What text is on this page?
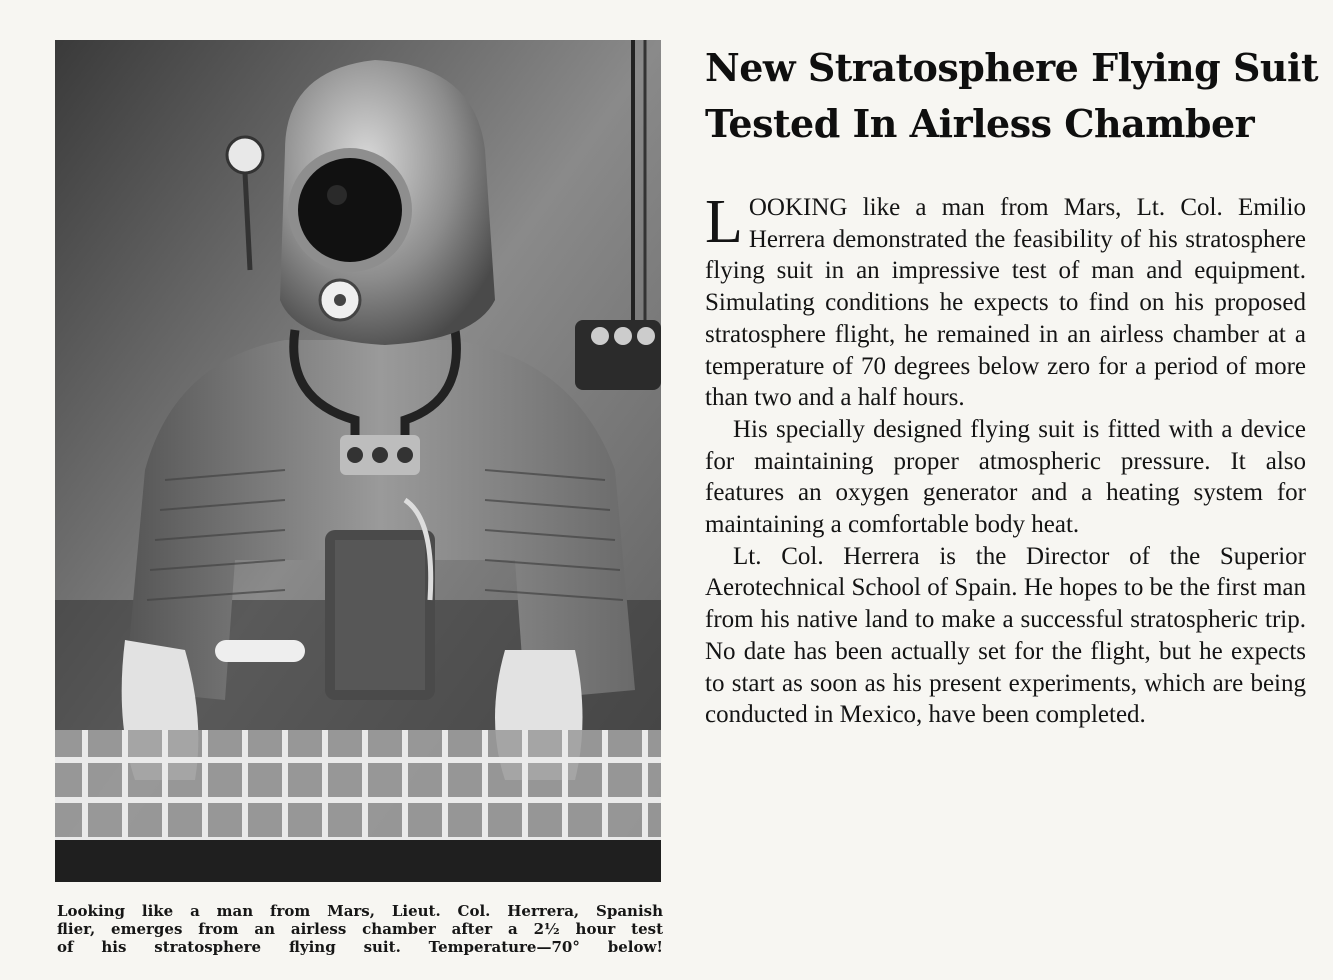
Looking like a man from Mars, Lieut. Col. Herrera, Spanish
flier, emerges from an airless chamber after a 2½ hour test
of his stratosphere flying suit. Temperature—70° below!
New Stratosphere Flying Suit
Tested In Airless Chamber

LOOKING like a man from Mars, Lt. Col. Emilio Herrera demonstrated the feasibility of his stratosphere flying suit in an impressive test of man and equipment. Simulating conditions he expects to find on his proposed stratosphere flight, he remained in an airless chamber at a temperature of 70 degrees below zero for a period of more than two and a half hours.

His specially designed flying suit is fitted with a device for maintaining proper atmospheric pressure. It also features an oxygen generator and a heating system for maintaining a comfortable body heat.

Lt. Col. Herrera is the Director of the Superior Aerotechnical School of Spain. He hopes to be the first man from his native land to make a successful stratospheric trip. No date has been actually set for the flight, but he expects to start as soon as his present experiments, which are being conducted in Mexico, have been completed.
